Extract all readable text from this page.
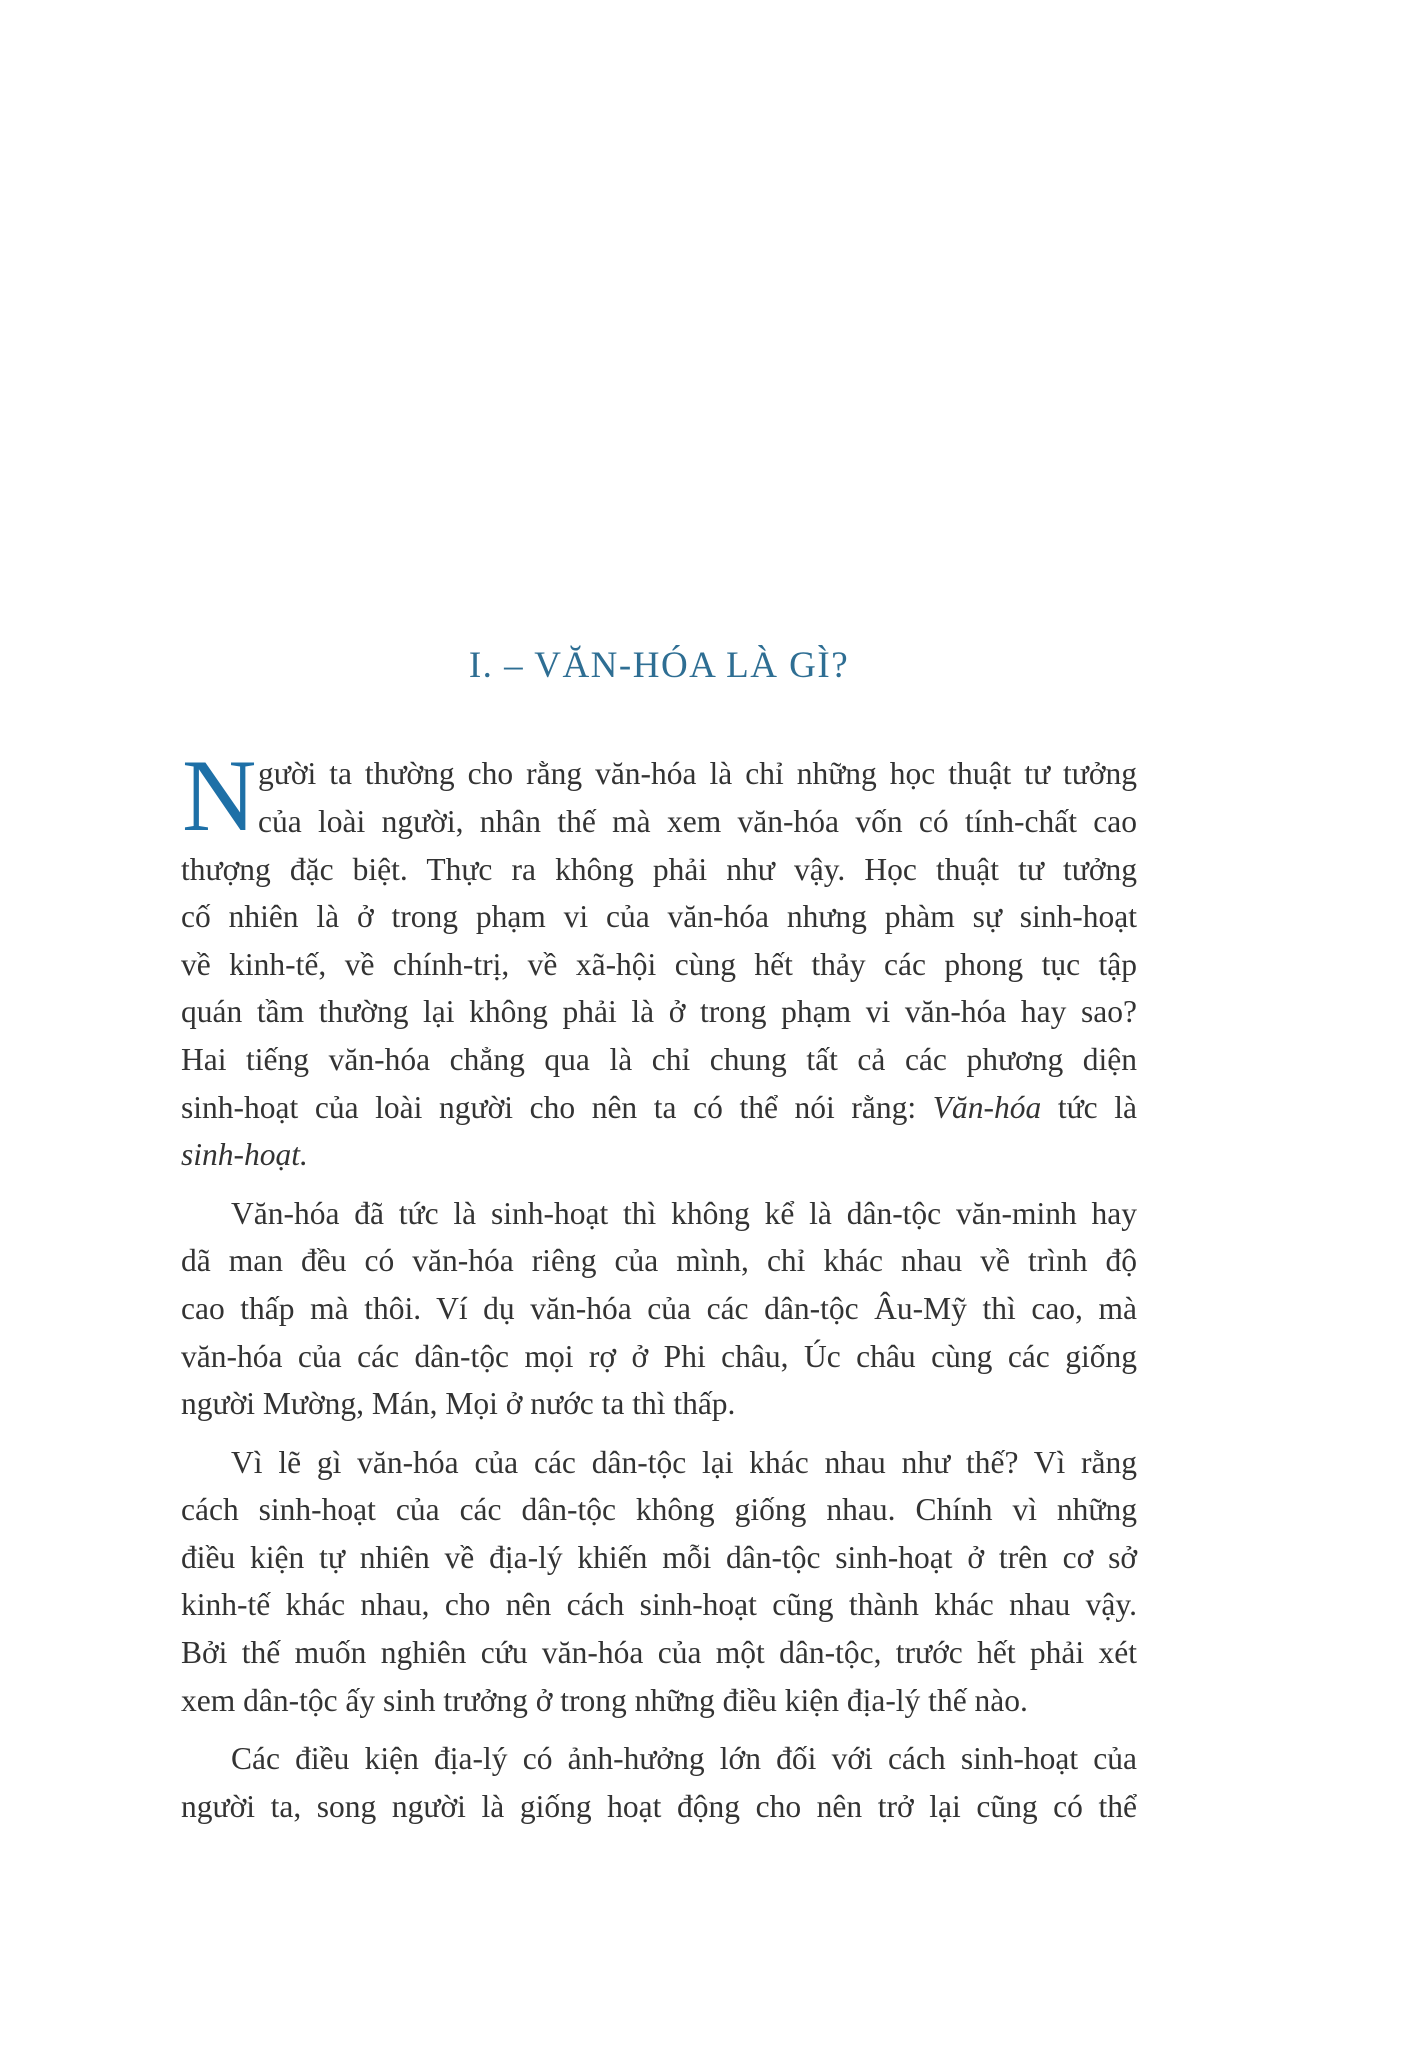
I. – VĂN-HÓA LÀ GÌ?
N gười ta thường cho rằng văn-hóa là chỉ những học thuật tư tưởng
của loài người, nhân thế mà xem văn-hóa vốn có tính-chất cao
thượng đặc biệt. Thực ra không phải như vậy. Học thuật tư tưởng
cố nhiên là ở trong phạm vi của văn-hóa nhưng phàm sự sinh-hoạt
về kinh-tế, về chính-trị, về xã-hội cùng hết thảy các phong tục tập
quán tầm thường lại không phải là ở trong phạm vi văn-hóa hay sao?
Hai tiếng văn-hóa chẳng qua là chỉ chung tất cả các phương diện
sinh-hoạt của loài người cho nên ta có thể nói rằng: Văn-hóa tức là
sinh-hoạt.
Văn-hóa đã tức là sinh-hoạt thì không kể là dân-tộc văn-minh hay
dã man đều có văn-hóa riêng của mình, chỉ khác nhau về trình độ
cao thấp mà thôi. Ví dụ văn-hóa của các dân-tộc Âu-Mỹ thì cao, mà
văn-hóa của các dân-tộc mọi rợ ở Phi châu, Úc châu cùng các giống
người Mường, Mán, Mọi ở nước ta thì thấp.
Vì lẽ gì văn-hóa của các dân-tộc lại khác nhau như thế? Vì rằng
cách sinh-hoạt của các dân-tộc không giống nhau. Chính vì những
điều kiện tự nhiên về địa-lý khiến mỗi dân-tộc sinh-hoạt ở trên cơ sở
kinh-tế khác nhau, cho nên cách sinh-hoạt cũng thành khác nhau vậy.
Bởi thế muốn nghiên cứu văn-hóa của một dân-tộc, trước hết phải xét
xem dân-tộc ấy sinh trưởng ở trong những điều kiện địa-lý thế nào.
Các điều kiện địa-lý có ảnh-hưởng lớn đối với cách sinh-hoạt của
người ta, song người là giống hoạt động cho nên trở lại cũng có thể
